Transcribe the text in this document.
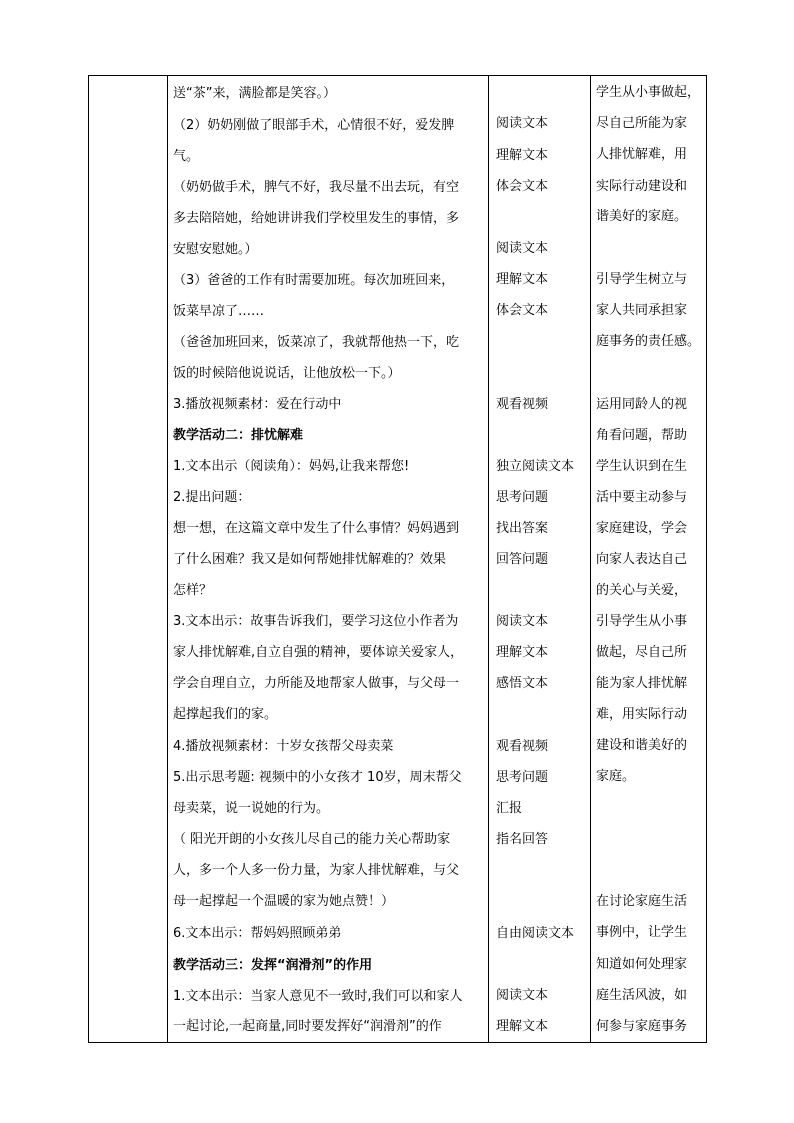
送“茶”来，满脸都是笑容。）
（2）奶奶刚做了眼部手术，心情很不好，爱发脾
气。
（奶奶做手术，脾气不好，我尽量不出去玩，有空
多去陪陪她，给她讲讲我们学校里发生的事情，多
安慰安慰她。）
（3）爸爸的工作有时需要加班。每次加班回来，
饭菜早凉了……
（爸爸加班回来，饭菜凉了，我就帮他热一下，吃
饭的时候陪他说说话，让他放松一下。）
3.播放视频素材：爱在行动中
教学活动二：排忧解难
1.文本出示（阅读角）：妈妈,让我来帮您!
2.提出问题：
想一想，在这篇文章中发生了什么事情？妈妈遇到
了什么困难？我又是如何帮她排忧解难的？效果
怎样？
3.文本出示：故事告诉我们，要学习这位小作者为
家人排忧解难,自立自强的精神，要体谅关爱家人，
学会自理自立，力所能及地帮家人做事，与父母一
起撑起我们的家。
4.播放视频素材：十岁女孩帮父母卖菜
5.出示思考题: 视频中的小女孩才 10岁，周末帮父
母卖菜，说一说她的行为。
（ 阳光开朗的小女孩儿尽自己的能力关心帮助家
人，多一个人多一份力量，为家人排忧解难，与父
母一起撑起一个温暖的家为她点赞！）
6.文本出示：帮妈妈照顾弟弟
教学活动三：发挥“润滑剂”的作用
1.文本出示：当家人意见不一致时,我们可以和家人
一起讨论,一起商量,同时要发挥好“润滑剂”的作
阅读文本
理解文本
体会文本
阅读文本
理解文本
体会文本
观看视频
独立阅读文本
思考问题
找出答案
回答问题
阅读文本
理解文本
感悟文本
观看视频
思考问题
汇报
指名回答
自由阅读文本
阅读文本
理解文本
学生从小事做起，
尽自己所能为家
人排忧解难，用
实际行动建设和
谐美好的家庭。
引导学生树立与
家人共同承担家
庭事务的责任感。
运用同龄人的视
角看问题，帮助
学生认识到在生
活中要主动参与
家庭建设，学会
向家人表达自己
的关心与关爱，
引导学生从小事
做起，尽自己所
能为家人排忧解
难，用实际行动
建设和谐美好的
家庭。
在讨论家庭生活
事例中，让学生
知道如何处理家
庭生活风波，如
何参与家庭事务
